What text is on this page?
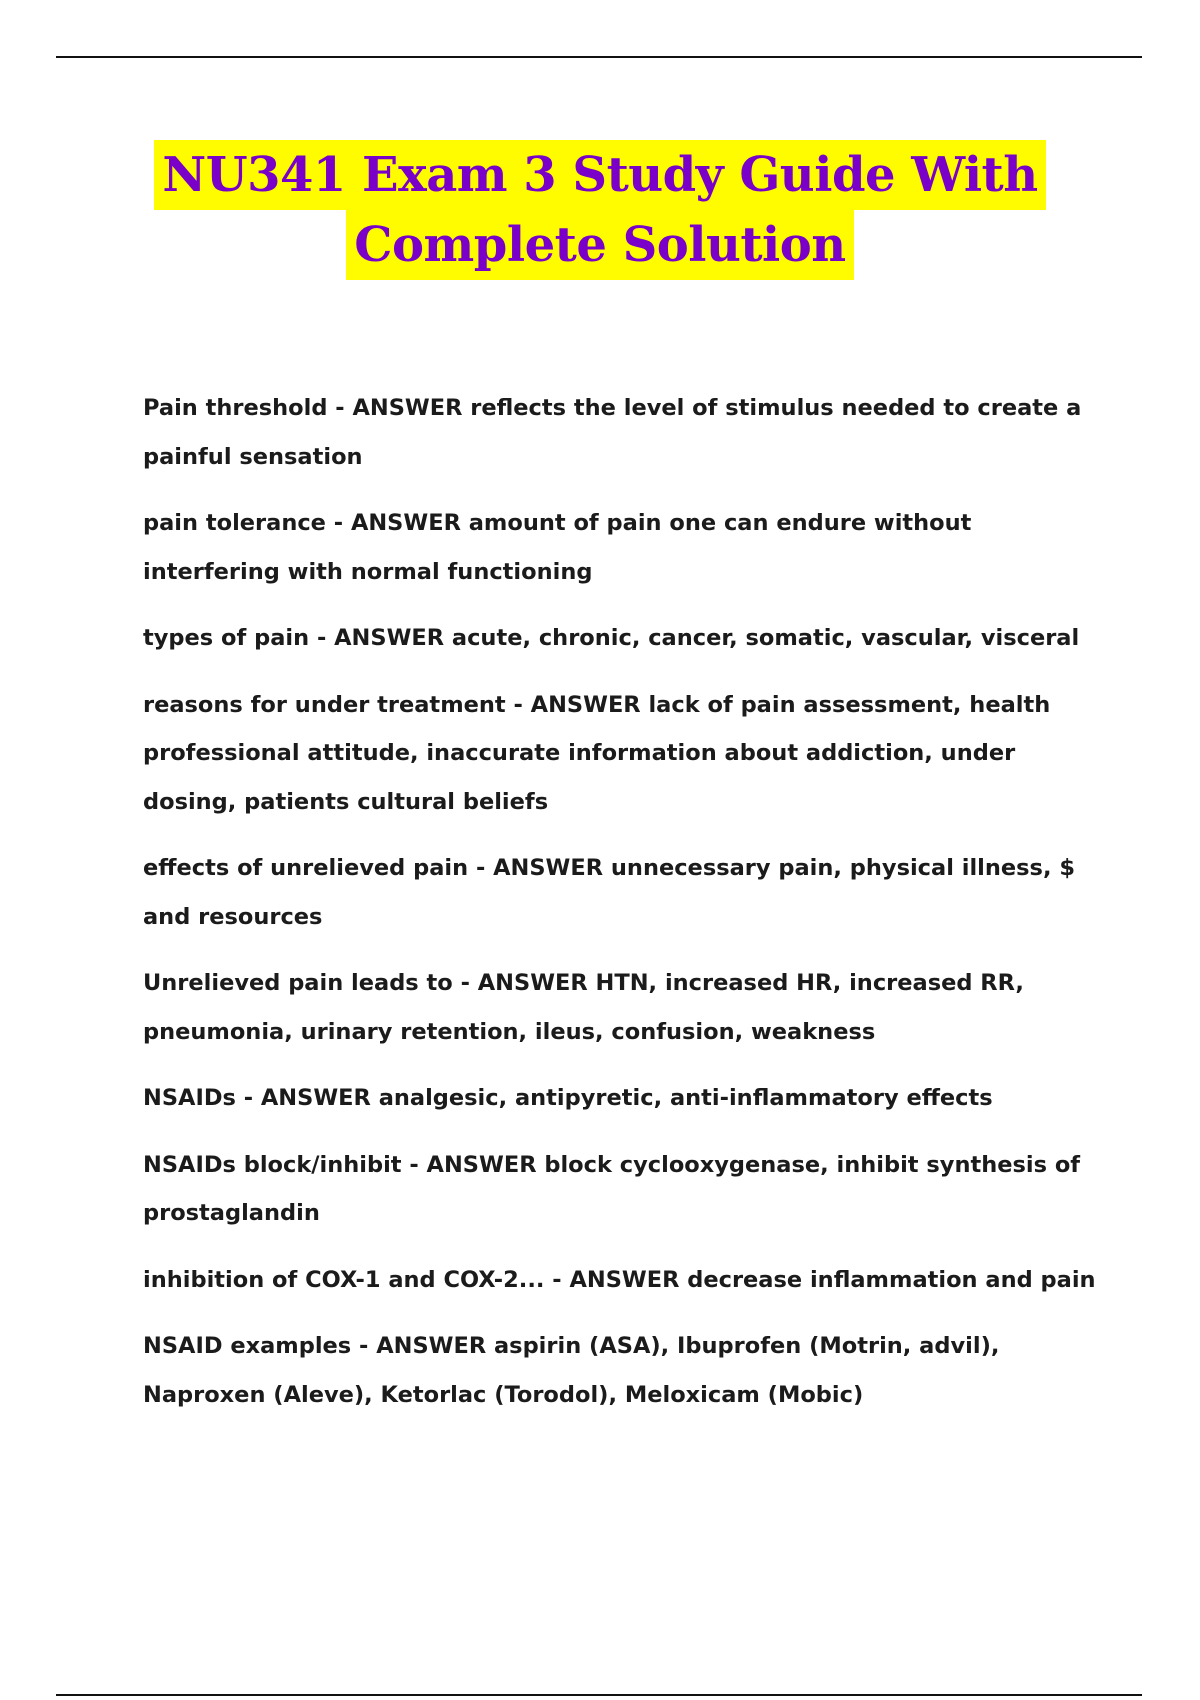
NU341 Exam 3 Study Guide With
Complete Solution
Pain threshold - ANSWER reflects the level of stimulus needed to create a painful sensation
pain tolerance - ANSWER amount of pain one can endure without interfering with normal functioning
types of pain - ANSWER acute, chronic, cancer, somatic, vascular, visceral
reasons for under treatment - ANSWER lack of pain assessment, health professional attitude, inaccurate information about addiction, under dosing, patients cultural beliefs
effects of unrelieved pain - ANSWER unnecessary pain, physical illness, $ and resources
Unrelieved pain leads to - ANSWER HTN, increased HR, increased RR, pneumonia, urinary retention, ileus, confusion, weakness
NSAIDs - ANSWER analgesic, antipyretic, anti-inflammatory effects
NSAIDs block/inhibit - ANSWER block cyclooxygenase, inhibit synthesis of prostaglandin
inhibition of COX-1 and COX-2... - ANSWER decrease inflammation and pain
NSAID examples - ANSWER aspirin (ASA), Ibuprofen (Motrin, advil), Naproxen (Aleve), Ketorlac (Torodol), Meloxicam (Mobic)
